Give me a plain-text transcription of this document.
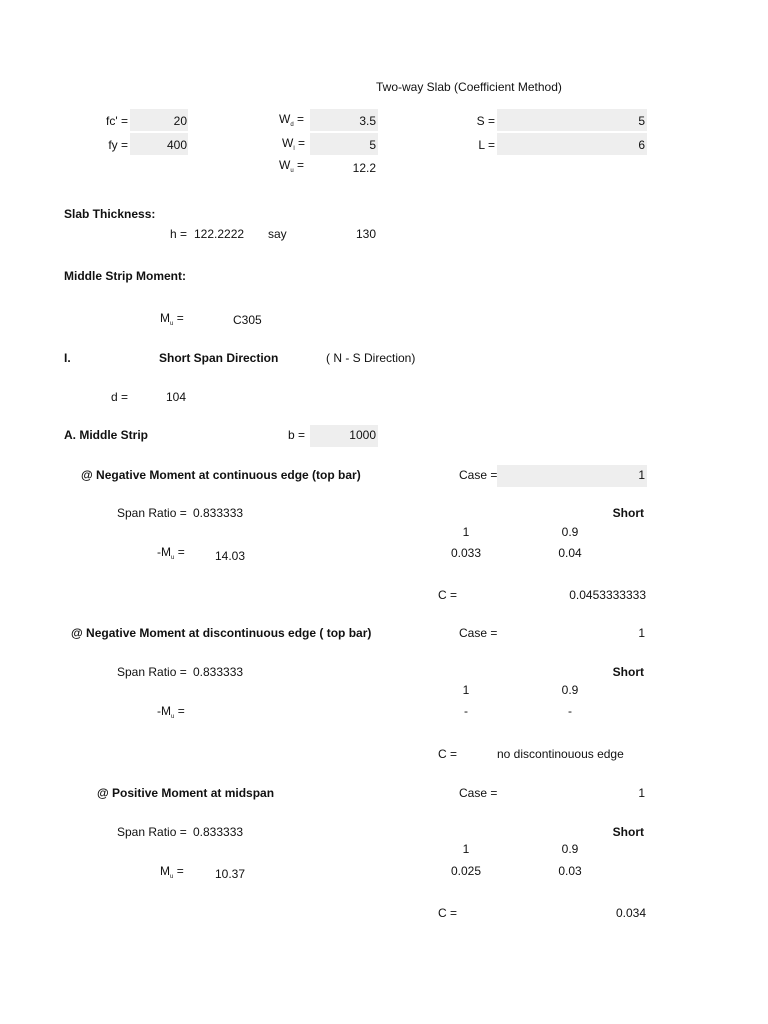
Two-way Slab (Coefficient Method)
fc' =	20
fy =	400
$W_d$ =	3.5
$W_l$ =	5
$W_u$ =	12.2
S =	5
L =	6
Slab Thickness:
h = 122.2222 say	130
Middle Strip Moment:
$M_u$ =	C305
I.	Short Span Direction	( N - S Direction)
d =	104
A. Middle Strip	b =	1000
@ Negative Moment at continuous edge (top bar)	Case =	1
Span Ratio = 0.833333	Short
1	0.9
$-M_u$ =	14.03	0.033	0.04
C =	0.0453333333
@ Negative Moment at discontinuous edge ( top bar)	Case =	1
Span Ratio = 0.833333	Short
1	0.9
$-M_u$ =	-	-
C =	no discontinouous edge
@ Positive Moment at midspan	Case =	1
Span Ratio = 0.833333	Short
1	0.9
$M_u$ =	10.37	0.025	0.03
C =	0.034
